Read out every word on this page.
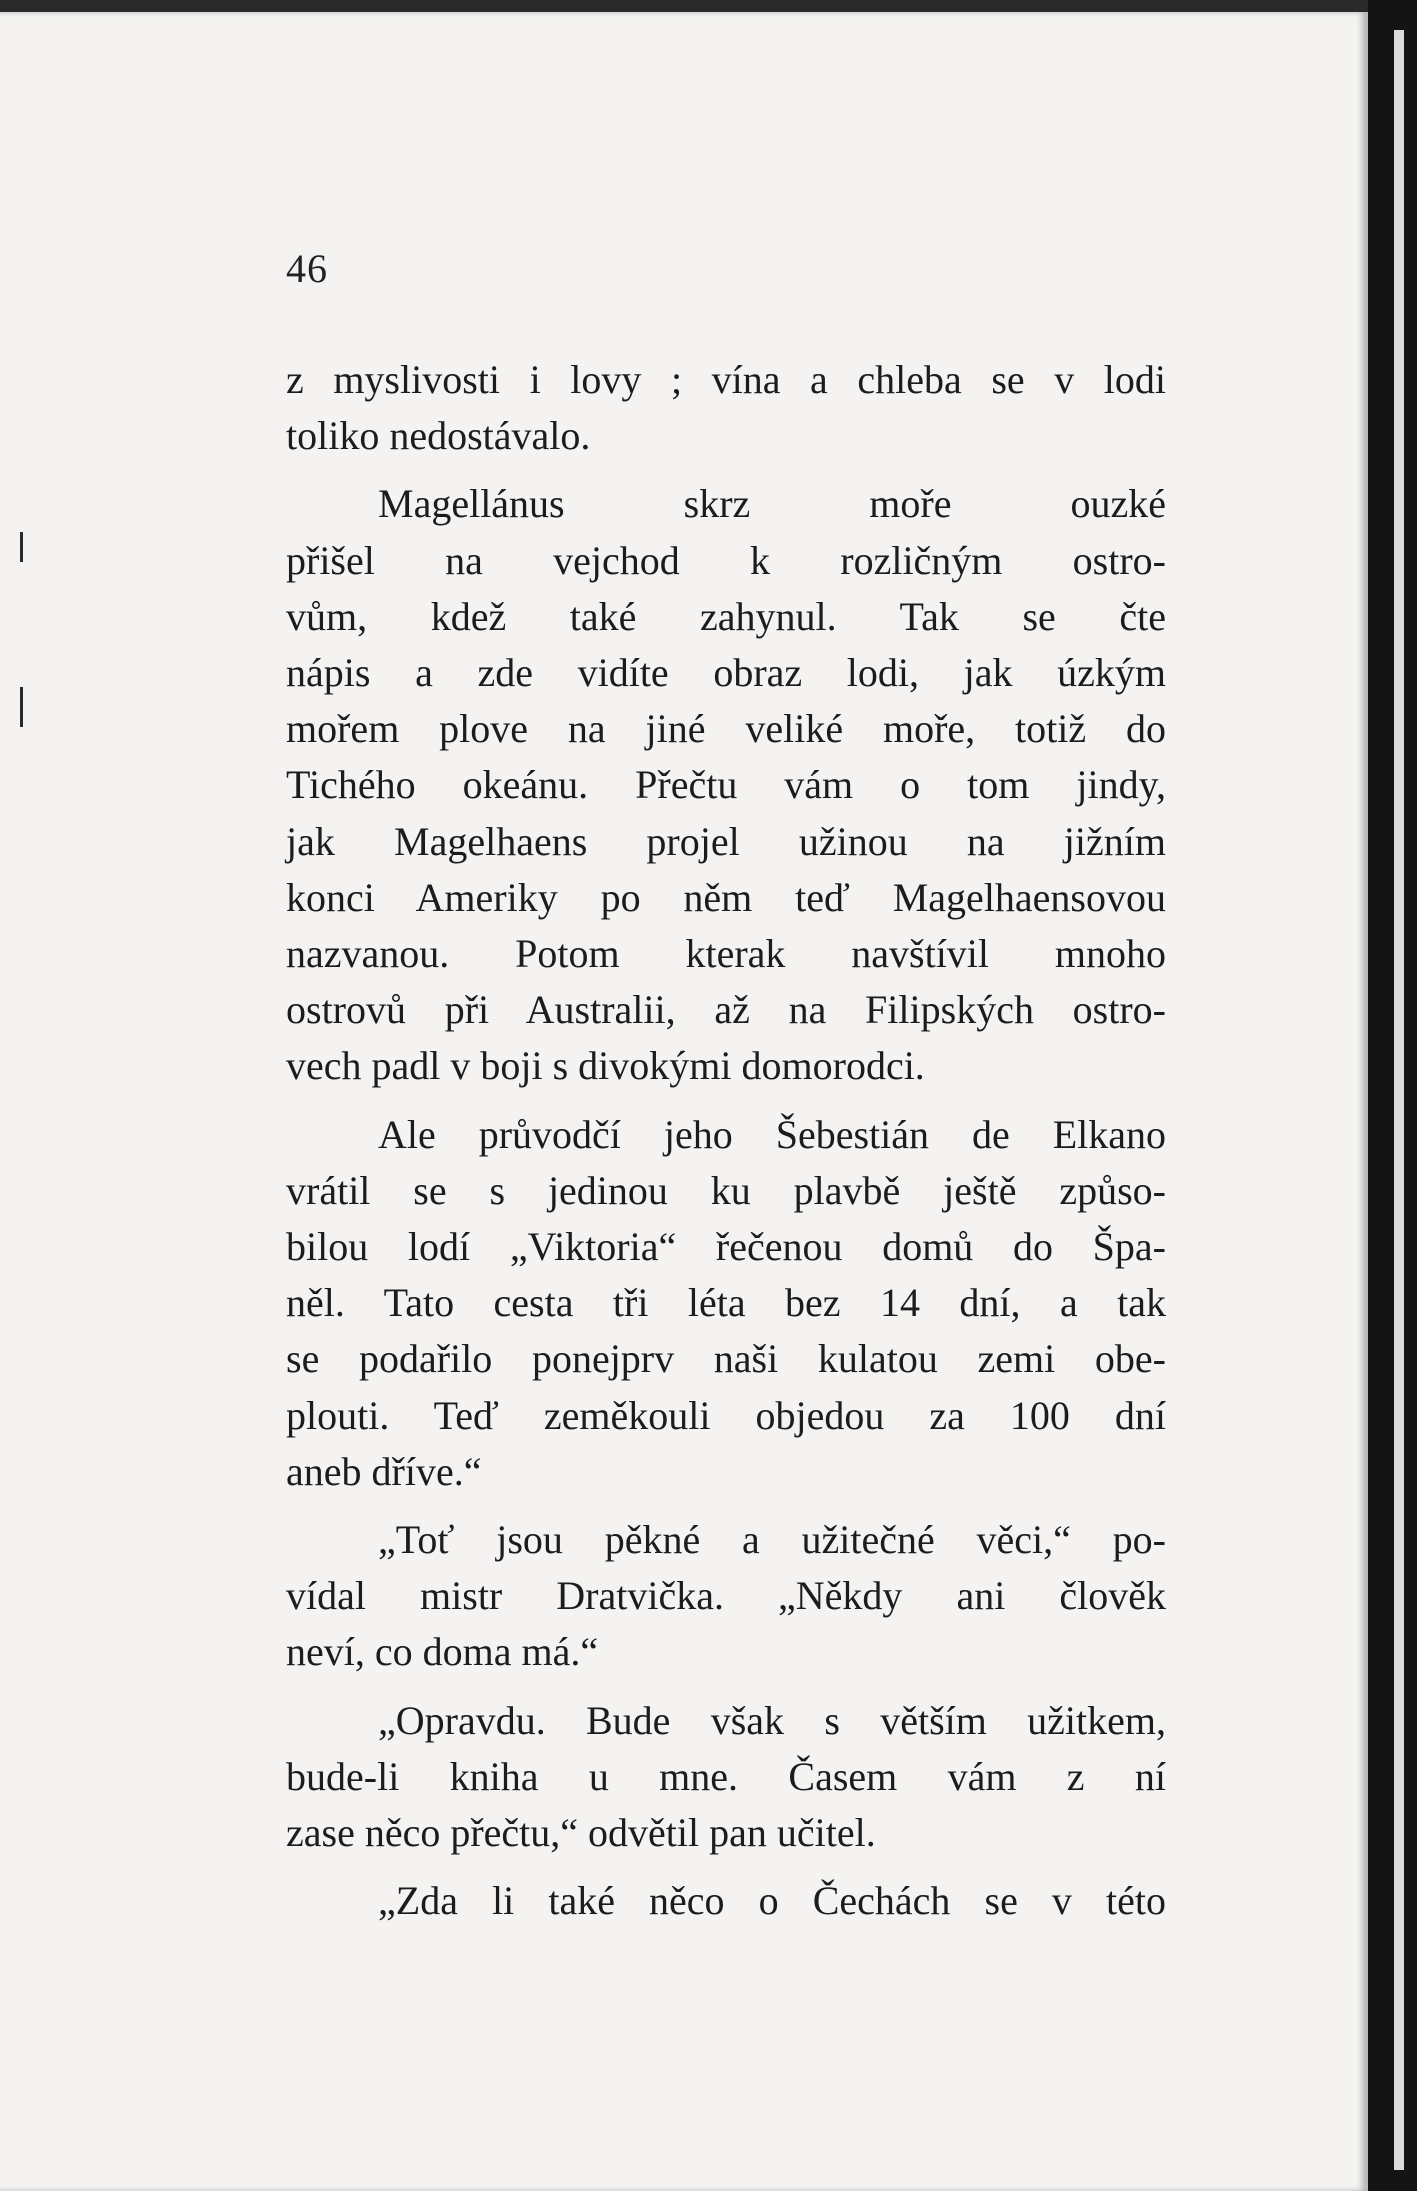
46

z myslivosti i lovy ; vína a chleba se v lodi
toliko nedostávalo.

Magellánus skrz moře ouzké
přišel na vejchod k rozličným ostro-
vům, kdež také zahynul. Tak se čte
nápis a zde vidíte obraz lodi, jak úzkým
mořem plove na jiné veliké moře, totiž do
Tichého okeánu. Přečtu vám o tom jindy,
jak Magelhaens projel užinou na jižním
konci Ameriky po něm teď Magelhaensovou
nazvanou. Potom kterak navštívil mnoho
ostrovů při Australii, až na Filipských ostro-
vech padl v boji s divokými domorodci.

Ale průvodčí jeho Šebestián de Elkano
vrátil se s jedinou ku plavbě ještě způso-
bilou lodí „Viktoria“ řečenou domů do Špa-
něl. Tato cesta tři léta bez 14 dní, a tak
se podařilo ponejprv naši kulatou zemi obe-
plouti. Teď zeměkouli objedou za 100 dní
aneb dříve.“

„Toť jsou pěkné a užitečné věci,“ po-
vídal mistr Dratvička. „Někdy ani člověk
neví, co doma má.“

„Opravdu. Bude však s větším užitkem,
bude-li kniha u mne. Časem vám z ní
zase něco přečtu,“ odvětil pan učitel.

„Zda li také něco o Čechách se v této
